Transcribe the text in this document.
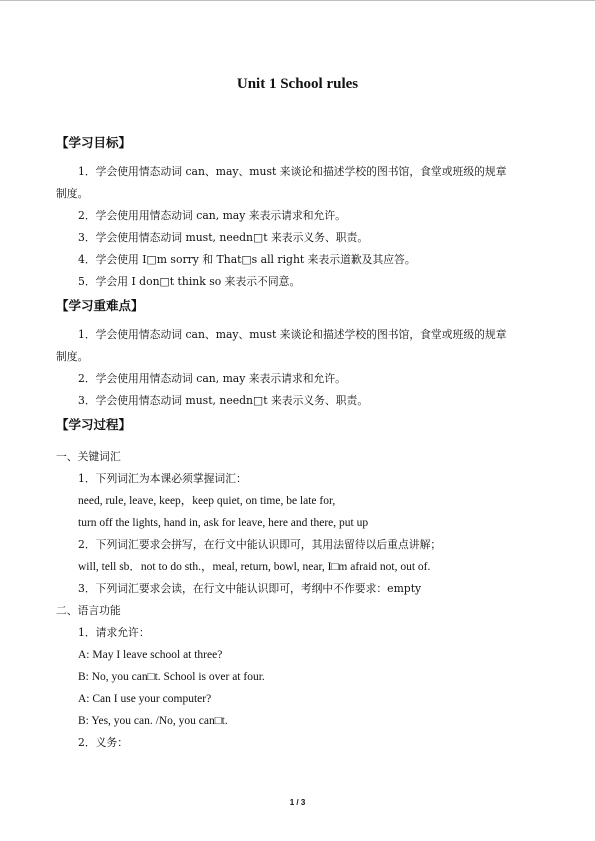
Unit 1 School rules
【学习目标】

1．学会使用情态动词 can、may、must 来谈论和描述学校的图书馆，食堂或班级的规章

制度。

2．学会使用用情态动词 can, may 来表示请求和允许。

3．学会使用情态动词 must, needn□t 来表示义务、职责。

4．学会使用 I□m sorry 和 That□s all right 来表示道歉及其应答。

5．学会用 I don□t think so 来表示不同意。

【学习重难点】

1．学会使用情态动词 can、may、must 来谈论和描述学校的图书馆，食堂或班级的规章

制度。

2．学会使用用情态动词 can, may 来表示请求和允许。

3．学会使用情态动词 must, needn□t 来表示义务、职责。

【学习过程】

一、关键词汇

1．下列词汇为本课必须掌握词汇：

need, rule, leave, keep，keep quiet, on time, be late for,

turn off the lights, hand in, ask for leave, here and there, put up

2．下列词汇要求会拼写，在行文中能认识即可，其用法留待以后重点讲解；

will, tell sb．not to do sth.，meal, return, bowl, near, I□m afraid not, out of.

3．下列词汇要求会读，在行文中能认识即可，考纲中不作要求：empty

二、语言功能

1．请求允许：

A: May I leave school at three?

B: No, you can□t. School is over at four.

A: Can I use your computer?

B: Yes, you can. /No, you can□t.

2．义务：

1 / 3
